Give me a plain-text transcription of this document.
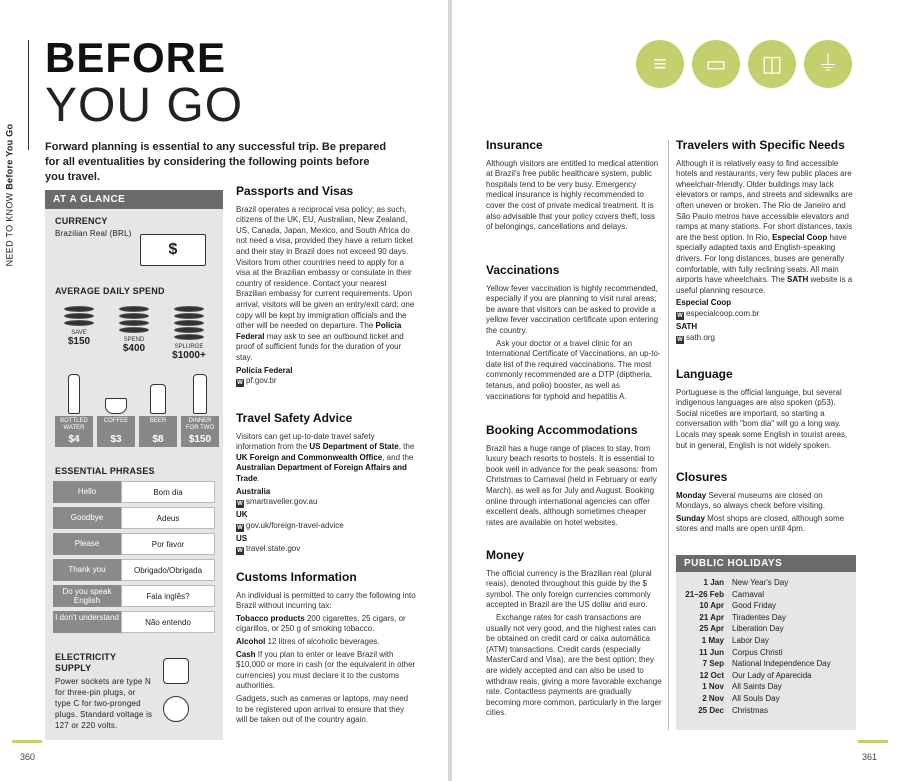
NEED TO KNOW Before You Go
BEFORE
YOU GO
Forward planning is essential to any successful trip. Be prepared for all eventualities by considering the following points before you travel.
AT A GLANCE
CURRENCY
Brazilian Real (BRL)
$
AVERAGE DAILY SPEND
SAVE
$150	SPEND
$400	SPLURGE
$1000+
BOTTLED WATER
$4
COFFEE
$3
BEER
$8
DINNER FOR TWO
$150
ESSENTIAL PHRASES
Hello	Bom dia
Goodbye	Adeus
Please	Por favor
Thank you	Obrigado/Obrigada
Do you speak English	Fala inglês?
I don't understand
Não entendo
ELECTRICITY SUPPLY
Power sockets are type N for three-pin plugs, or type C for two-pronged plugs. Standard voltage is 127 or 220 volts.
Passports and Visas

Brazil operates a reciprocal visa policy; as such, citizens of the UK, EU, Australian, New Zealand, US, Canada, Japan, Mexico, and South Africa do not need a visa, provided they have a return ticket and their stay in Brazil does not exceed 90 days. Visitors from other countries need to apply for a visa at the Brazilian embassy or consulate in their country of residence. Contact your nearest Brazilian embassy for current requirements. Upon arrival, visitors will be given an entry/exit card; one copy will be kept by immigration officials and the other will be needed on departure. The Polícia Federal may ask to see an outbound ticket and proof of sufficient funds for the duration of your stay.

Polícia Federal
W pf.gov.br

Travel Safety Advice

Visitors can get up-to-date travel safety information from the US Department of State, the UK Foreign and Commonwealth Office, and the Australian Department of Foreign Affairs and Trade.

Australia
W smartraveller.gov.au

UK
W gov.uk/foreign-travel-advice

US
W travel.state.gov

Customs Information

An individual is permitted to carry the following into Brazil without incurring tax:

Tobacco products 200 cigarettes, 25 cigars, or cigarillos, or 250 g of smoking tobacco.

Alcohol 12 litres of alcoholic beverages.

Cash If you plan to enter or leave Brazil with $10,000 or more in cash (or the equivalent in other currencies) you must declare it to the customs authorities.

Gadgets, such as cameras or laptops, may need to be registered upon arrival to ensure that they will be taken out of the country again.

360
≡	▭	◫	⏚
Insurance

Although visitors are entitled to medical attention at Brazil's free public healthcare system, public hospitals tend to be very busy. Emergency medical insurance is highly recommended to cover the cost of private medical treatment. It is also advisable that your policy covers theft, loss of belongings, cancellations and delays.

Vaccinations

Yellow fever vaccination is highly recommended, especially if you are planning to visit rural areas; be aware that visitors can be asked to provide a yellow fever vaccination certificate upon entering the country.

Ask your doctor or a travel clinic for an International Certificate of Vaccinations, an up-to-date list of the required vaccinations. The most commonly recommended are a DTP (diptheria, tetanus, and polio) booster, as well as vaccinations for typhoid and hepatitis A.

Booking Accommodations

Brazil has a huge range of places to stay, from luxury beach resorts to hostels. It is essential to book well in advance for the peak seasons: from Christmas to Carnaval (held in February or early March), as well as for July and August. Booking online through international agencies can offer excellent deals, although sometimes cheaper rates are available on hotel websites.

Money

The official currency is the Brazilian real (plural reais), denoted throughout this guide by the $ symbol. The only foreign currencies commonly accepted in Brazil are the US dollar and euro.

Exchange rates for cash transactions are usually not very good, and the highest rates can be obtained on credit card or caixa automática (ATM) transactions. Credit cards (especially MasterCard and Visa), are the best option; they are widely accepted and can also be used to withdraw reais, giving a more favorable exchange rate. Contactless payments are gradually becoming more common, particularly in the larger cities.

Travelers with Specific Needs

Although it is relatively easy to find accessible hotels and restaurants, very few public places are wheelchair-friendly. Older buildings may lack elevators or ramps, and streets and sidewalks are often uneven or broken. The Rio de Janeiro and São Paulo metros have accessible elevators and ramps at many stations. For short distances, taxis are the best option. In Rio, Especial Coop have specially adapted taxis and English-speaking drivers. For long distances, buses are generally comfortable, with fully reclining seats. All main airports have wheelchairs. The SATH website is a useful planning resource.

Especial Coop
W especialcoop.com.br

SATH
W sath.org

Language

Portuguese is the official language, but several indigenous languages are also spoken (p53). Social niceties are important, so starting a conversation with "bom dia" will go a long way. Locals may speak some English in tourist areas, but in general, English is not widely spoken.

Closures

Monday Several museums are closed on Mondays, so always check before visiting.

Sunday Most shops are closed, although some stores and malls are open until 4pm.

PUBLIC HOLIDAYS
1 Jan	New Year's Day
21–26 Feb	Carnaval
10 Apr	Good Friday
21 Apr	Tiradentes Day
25 Apr	Liberation Day
1 May	Labor Day
11 Jun	Corpus Christi
7 Sep	National Independence Day
12 Oct	Our Lady of Aparecida
1 Nov	All Saints Day
2 Nov	All Souls Day
25 Dec	Christmas
361
